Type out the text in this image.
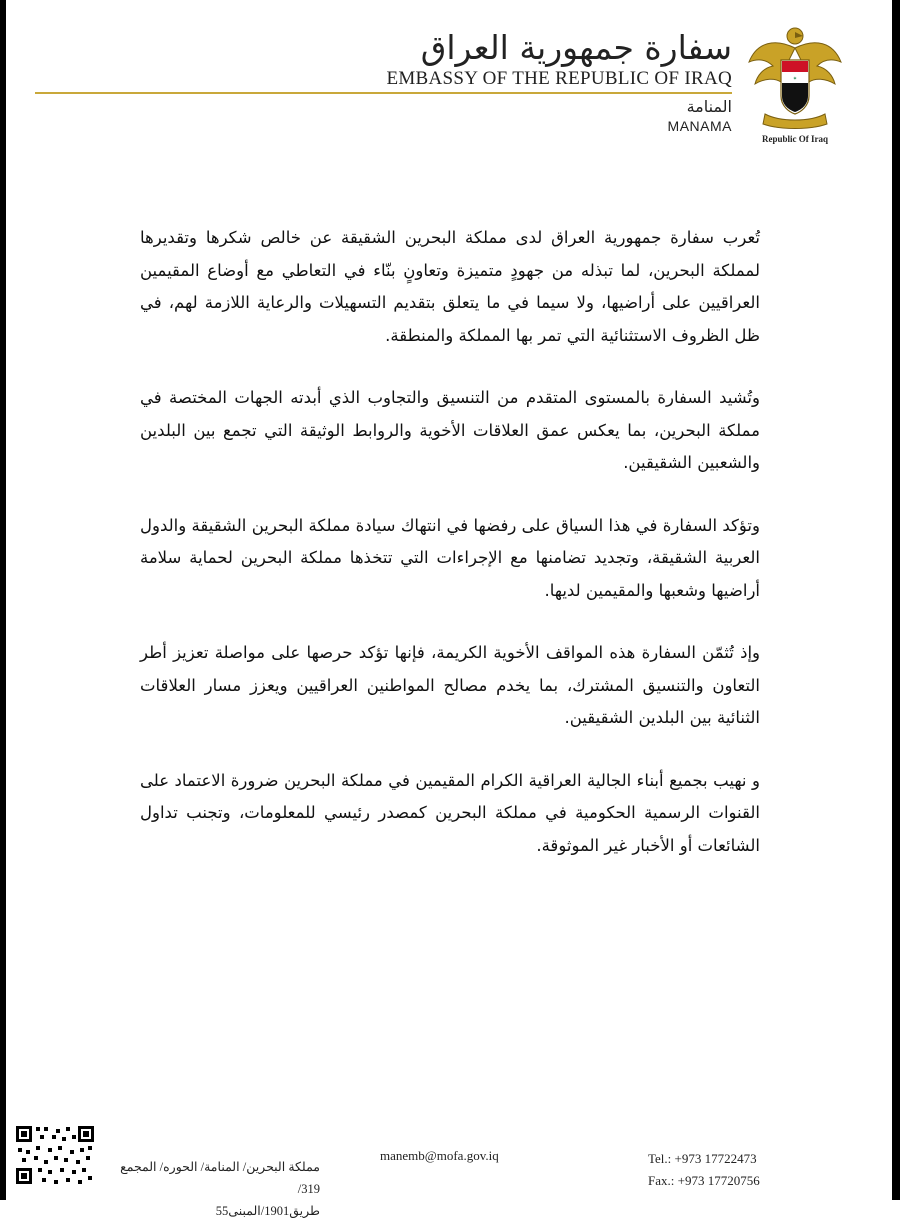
سفارة جمهورية العراق
EMBASSY OF THE REPUBLIC OF IRAQ
المنامة
MANAMA
✶
Republic Of Iraq

تُعرب سفارة جمهورية العراق لدى مملكة البحرين الشقيقة عن خالص شكرها وتقديرها لمملكة البحرين، لما تبذله من جهودٍ متميزة وتعاونٍ بنّاء في التعاطي مع أوضاع المقيمين العراقيين على أراضيها، ولا سيما في ما يتعلق بتقديم التسهيلات والرعاية اللازمة لهم، في ظل الظروف الاستثنائية التي تمر بها المملكة والمنطقة.

وتُشيد السفارة بالمستوى المتقدم من التنسيق والتجاوب الذي أبدته الجهات المختصة في مملكة البحرين، بما يعكس عمق العلاقات الأخوية والروابط الوثيقة التي تجمع بين البلدين والشعبين الشقيقين.

وتؤكد السفارة في هذا السياق على رفضها في انتهاك سيادة مملكة البحرين الشقيقة والدول العربية الشقيقة، وتجديد تضامنها مع الإجراءات التي تتخذها مملكة البحرين لحماية سلامة أراضيها وشعبها والمقيمين لديها.

وإذ تُثمّن السفارة هذه المواقف الأخوية الكريمة، فإنها تؤكد حرصها على مواصلة تعزيز أطر التعاون والتنسيق المشترك، بما يخدم مصالح المواطنين العراقيين ويعزز مسار العلاقات الثنائية بين البلدين الشقيقين.

و نهيب بجميع أبناء الجالية العراقية الكرام المقيمين في مملكة البحرين ضرورة الاعتماد على القنوات الرسمية الحكومية في مملكة البحرين كمصدر رئيسي للمعلومات، وتجنب تداول الشائعات أو الأخبار غير الموثوقة.

مملكة البحرين/ المنامة/ الحوره/ المجمع 319/
طريق1901/المبنى55
manemb@mofa.gov.iq	Tel.: +973 17722473
Fax.: +973 17720756
